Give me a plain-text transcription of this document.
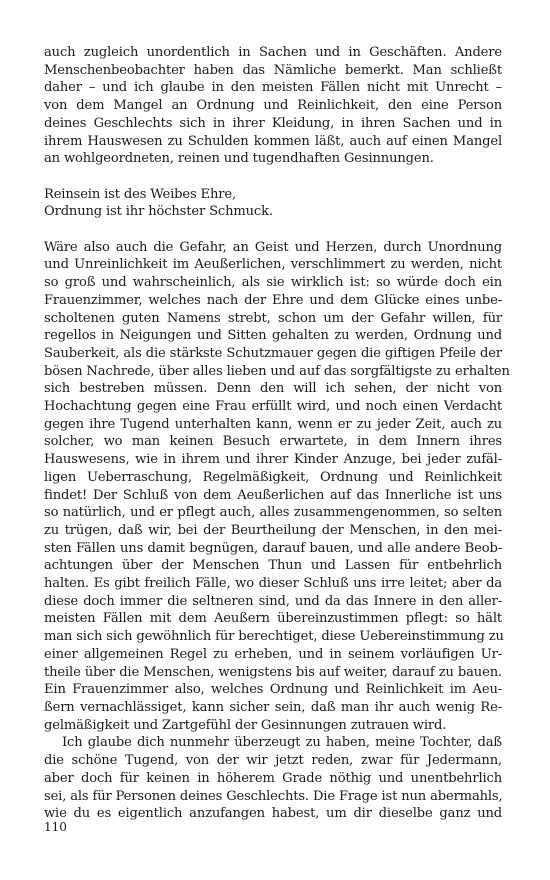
auch zugleich unordentlich in Sachen und in Geschäften. Andere
Menschenbeobachter haben das Nämliche bemerkt. Man schließt
daher – und ich glaube in den meisten Fällen nicht mit Unrecht –
von dem Mangel an Ordnung und Reinlichkeit, den eine Person
deines Geschlechts sich in ihrer Kleidung, in ihren Sachen und in
ihrem Hauswesen zu Schulden kommen läßt, auch auf einen Mangel
an wohlgeordneten, reinen und tugendhaften Gesinnungen.
Reinsein ist des Weibes Ehre,
Ordnung ist ihr höchster Schmuck.
Wäre also auch die Gefahr, an Geist und Herzen, durch Unordnung
und Unreinlichkeit im Aeußerlichen, verschlimmert zu werden, nicht
so groß und wahrscheinlich, als sie wirklich ist: so würde doch ein
Frauenzimmer, welches nach der Ehre und dem Glücke eines unbe-
scholtenen guten Namens strebt, schon um der Gefahr willen, für
regellos in Neigungen und Sitten gehalten zu werden, Ordnung und
Sauberkeit, als die stärkste Schutzmauer gegen die giftigen Pfeile der
bösen Nachrede, über alles lieben und auf das sorgfältigste zu erhalten
sich bestreben müssen. Denn den will ich sehen, der nicht von
Hochachtung gegen eine Frau erfüllt wird, und noch einen Verdacht
gegen ihre Tugend unterhalten kann, wenn er zu jeder Zeit, auch zu
solcher, wo man keinen Besuch erwartete, in dem Innern ihres
Hauswesens, wie in ihrem und ihrer Kinder Anzuge, bei jeder zufäl-
ligen Ueberraschung, Regelmäßigkeit, Ordnung und Reinlichkeit
findet! Der Schluß von dem Aeußerlichen auf das Innerliche ist uns
so natürlich, und er pflegt auch, alles zusammengenommen, so selten
zu trügen, daß wir, bei der Beurtheilung der Menschen, in den mei-
sten Fällen uns damit begnügen, darauf bauen, und alle andere Beob-
achtungen über der Menschen Thun und Lassen für entbehrlich
halten. Es gibt freilich Fälle, wo dieser Schluß uns irre leitet; aber da
diese doch immer die seltneren sind, und da das Innere in den aller-
meisten Fällen mit dem Aeußern übereinzustimmen pflegt: so hält
man sich sich gewöhnlich für berechtiget, diese Uebereinstimmung zu
einer allgemeinen Regel zu erheben, und in seinem vorläufigen Ur-
theile über die Menschen, wenigstens bis auf weiter, darauf zu bauen.
Ein Frauenzimmer also, welches Ordnung und Reinlichkeit im Aeu-
ßern vernachlässiget, kann sicher sein, daß man ihr auch wenig Re-
gelmäßigkeit und Zartgefühl der Gesinnungen zutrauen wird.
Ich glaube dich nunmehr überzeugt zu haben, meine Tochter, daß
die schöne Tugend, von der wir jetzt reden, zwar für Jedermann,
aber doch für keinen in höherem Grade nöthig und unentbehrlich
sei, als für Personen deines Geschlechts. Die Frage ist nun abermahls,
wie du es eigentlich anzufangen habest, um dir dieselbe ganz und
110
